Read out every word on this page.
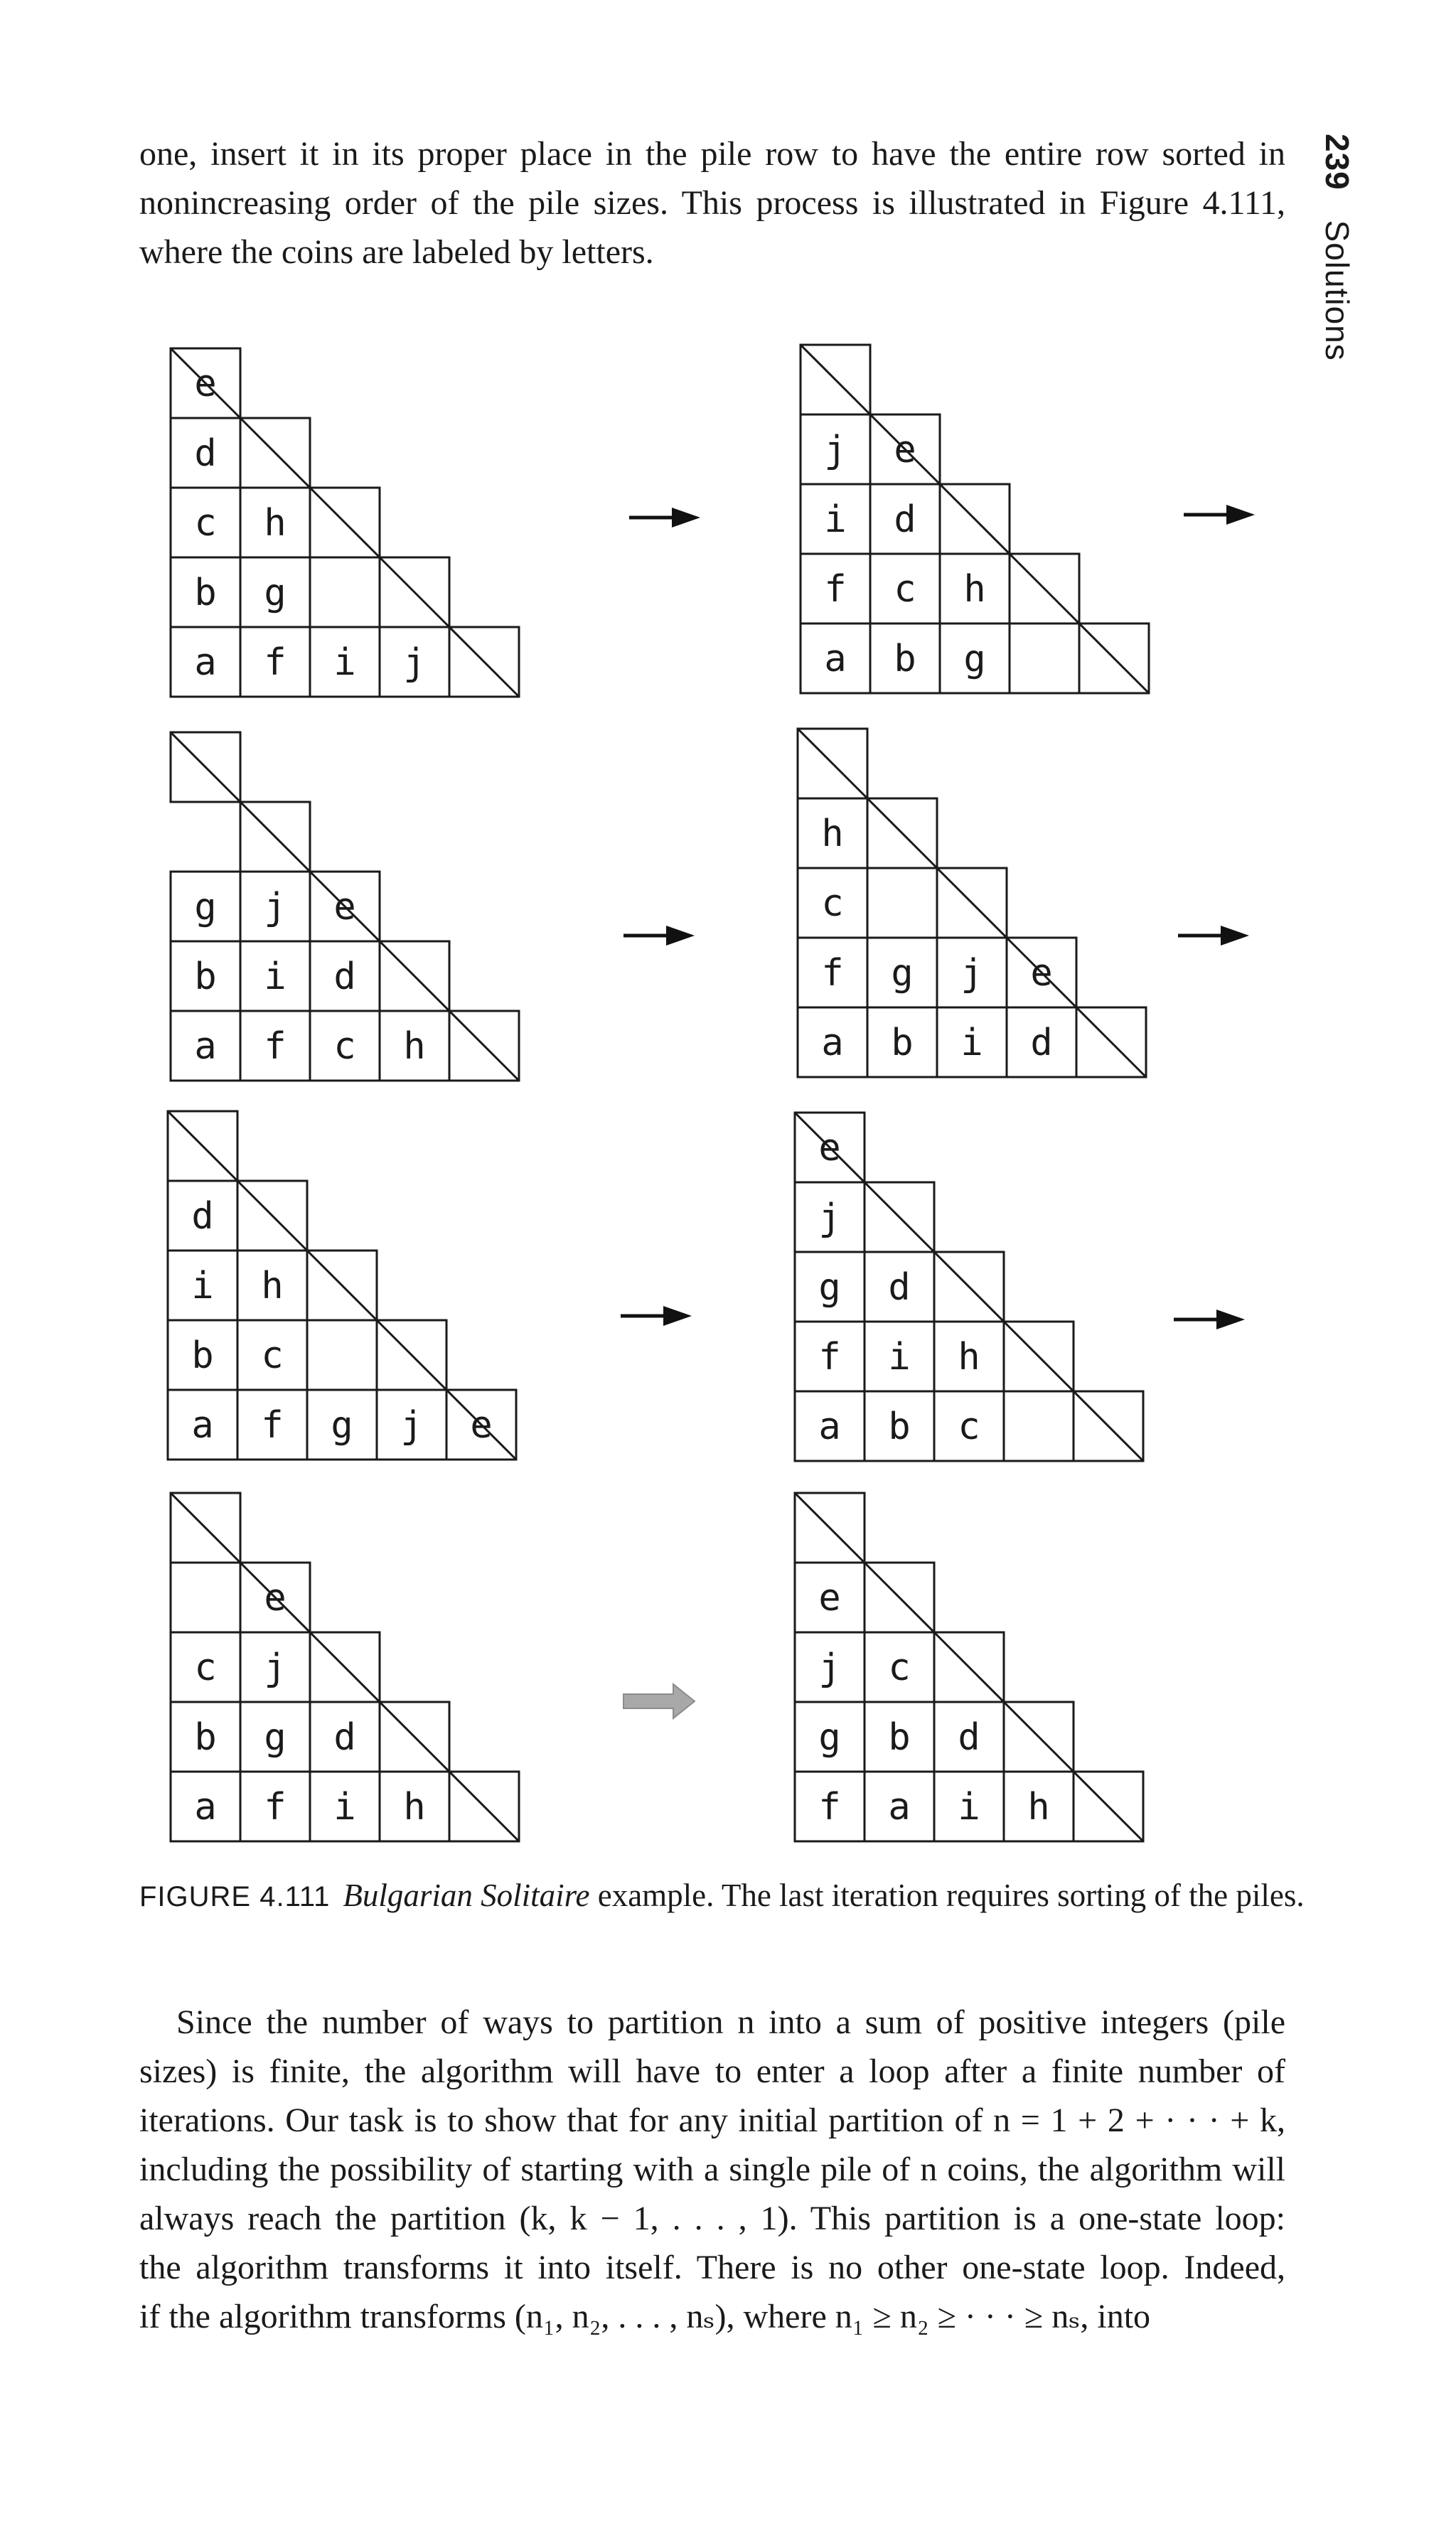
239 Solutions
one, insert it in its proper place in the pile row to have the entire row sorted in
nonincreasing order of the pile sizes. This process is illustrated in Figure 4.111,
where the coins are labeled by letters.
a f i j
b g
c h
d
e
a b g
f c h
i d
j e
a f c h
b i d
g j e
a b i d
f g j e
c
h
a f g j e
b c
i h
d
a b c
f i h
g d
j
e
a f i h
b g d
c j
e
f a i h
g b d
j c
e
FIGURE 4.111 Bulgarian Solitaire example. The last iteration requires sorting of the piles.
Since the number of ways to partition n into a sum of positive integers (pile
sizes) is finite, the algorithm will have to enter a loop after a finite number of
iterations. Our task is to show that for any initial partition of n = 1 + 2 + · · · + k,
including the possibility of starting with a single pile of n coins, the algorithm will
always reach the partition (k, k − 1, . . . , 1). This partition is a one-state loop:
the algorithm transforms it into itself. There is no other one-state loop. Indeed,
if the algorithm transforms (n₁, n₂, . . . , nₛ), where n₁ ≥ n₂ ≥ · · · ≥ nₛ, into
